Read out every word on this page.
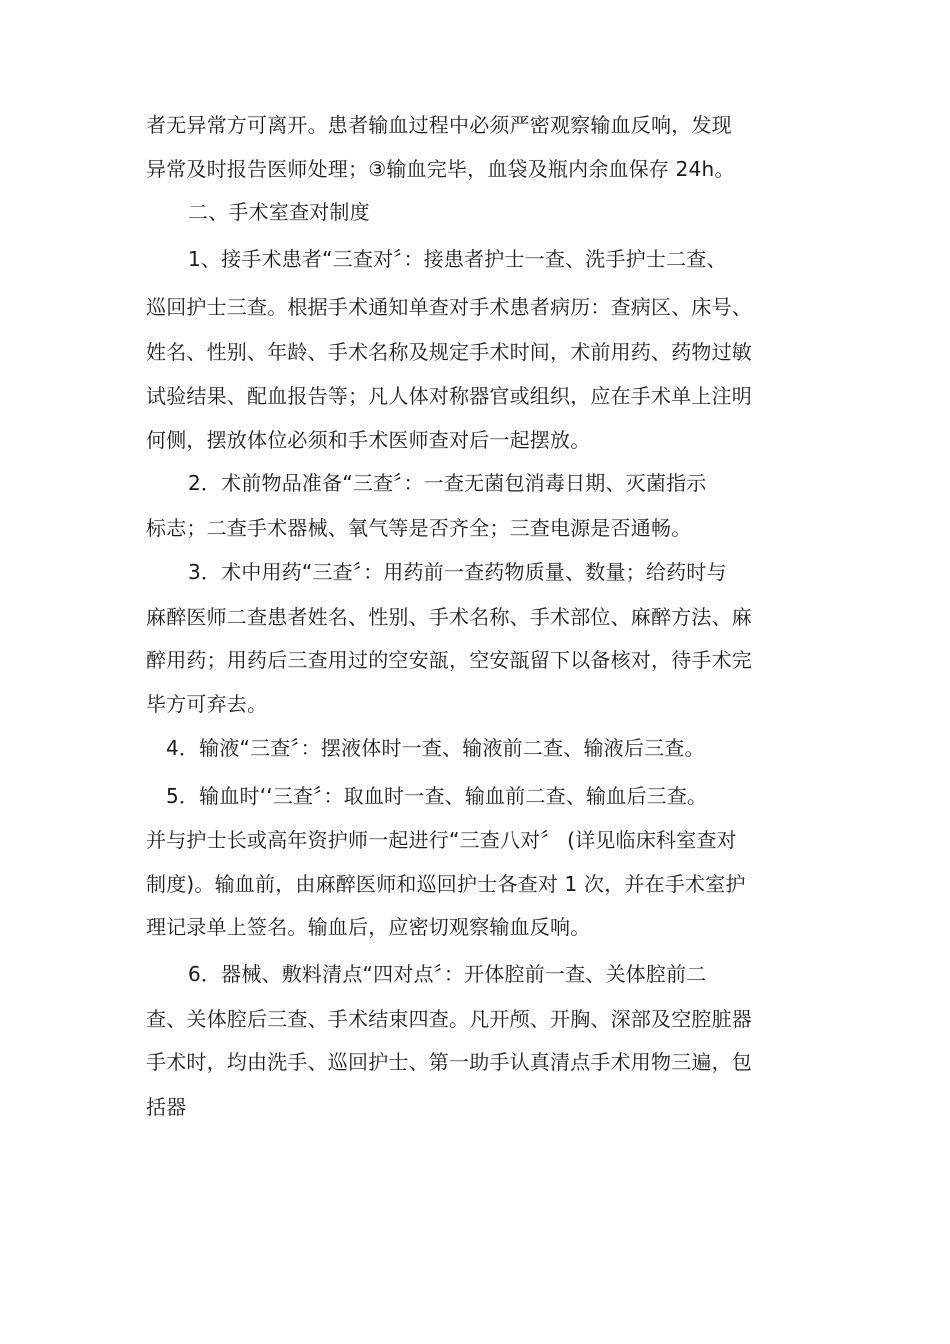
者无异常方可离开。患者输血过程中必须严密观察输血反响，发现
异常及时报告医师处理；③输血完毕，血袋及瓶内余血保存 24h。
二、手术室查对制度
1、接手术患者“三查对〞：接患者护士一查、洗手护士二查、
巡回护士三查。根据手术通知单查对手术患者病历：查病区、床号、
姓名、性别、年龄、手术名称及规定手术时间，术前用药、药物过敏
试验结果、配血报告等；凡人体对称器官或组织，应在手术单上注明
何侧，摆放体位必须和手术医师查对后一起摆放。
2．术前物品准备“三查〞：一查无菌包消毒日期、灭菌指示
标志；二查手术器械、氧气等是否齐全；三查电源是否通畅。
3．术中用药“三查〞：用药前一查药物质量、数量；给药时与
麻醉医师二查患者姓名、性别、手术名称、手术部位、麻醉方法、麻
醉用药；用药后三查用过的空安瓿，空安瓿留下以备核对，待手术完
毕方可弃去。
4．输液“三查〞：摆液体时一查、输液前二查、输液后三查。
5．输血时‘‘三查〞：取血时一查、输血前二查、输血后三查。
并与护士长或高年资护师一起进行“三查八对〞 (详见临床科室查对
制度)。输血前，由麻醉医师和巡回护士各查对 1 次，并在手术室护
理记录单上签名。输血后，应密切观察输血反响。
6．器械、敷料清点“四对点〞：开体腔前一查、关体腔前二
查、关体腔后三查、手术结束四查。凡开颅、开胸、深部及空腔脏器
手术时，均由洗手、巡回护士、第一助手认真清点手术用物三遍，包
括器
